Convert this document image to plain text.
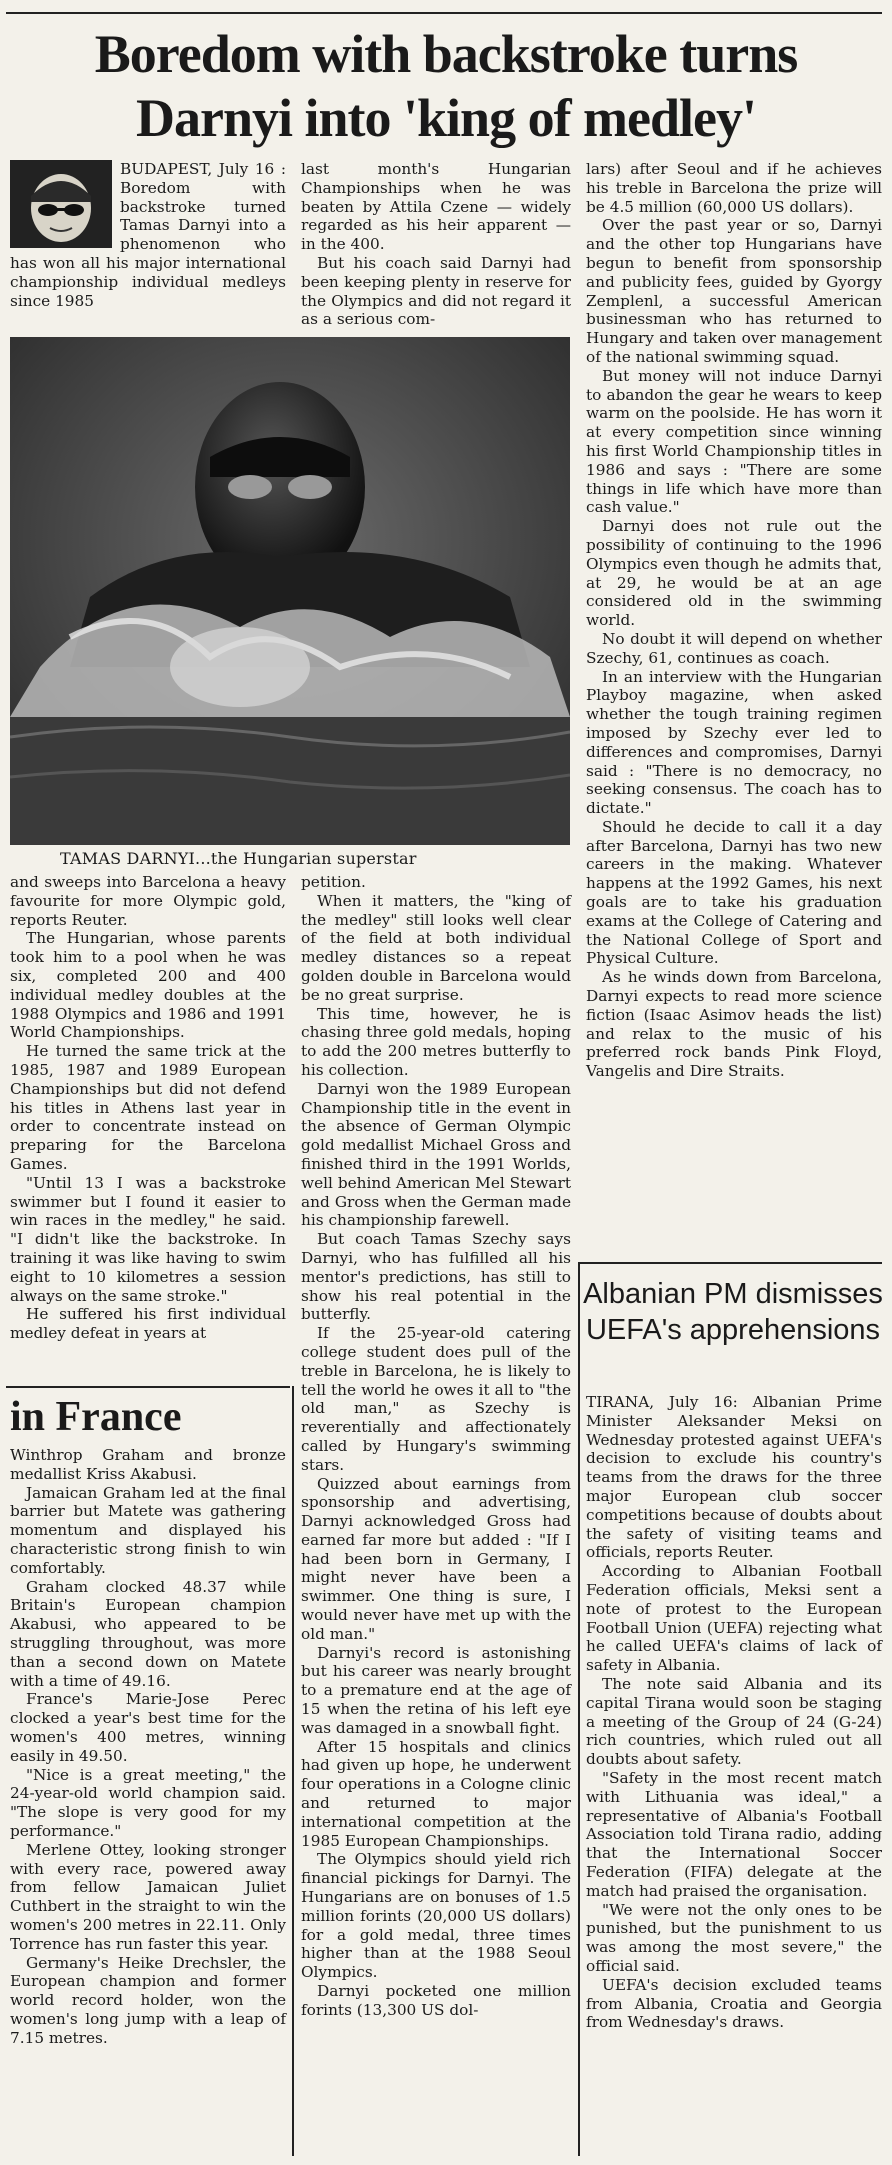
Boredom with backstroke turns
Darnyi into 'king of medley'

BUDAPEST, July 16 : Boredom with backstroke turned Tamas Darnyi into a phenomenon who has won all his major international championship individual medleys since 1985

last month's Hungarian Championships when he was beaten by Attila Czene — widely regarded as his heir apparent — in the 400.

But his coach said Darnyi had been keeping plenty in reserve for the Olympics and did not regard it as a serious com-

TAMAS DARNYI...the Hungarian superstar

and sweeps into Barcelona a heavy favourite for more Olympic gold, reports Reuter.

The Hungarian, whose parents took him to a pool when he was six, completed 200 and 400 individual medley doubles at the 1988 Olympics and 1986 and 1991 World Championships.

He turned the same trick at the 1985, 1987 and 1989 European Championships but did not defend his titles in Athens last year in order to concentrate instead on preparing for the Barcelona Games.

"Until 13 I was a backstroke swimmer but I found it easier to win races in the medley," he said. "I didn't like the backstroke. In training it was like having to swim eight to 10 kilometres a session always on the same stroke."

He suffered his first individual medley defeat in years at

petition.

When it matters, the "king of the medley" still looks well clear of the field at both individual medley distances so a repeat golden double in Barcelona would be no great surprise.

This time, however, he is chasing three gold medals, hoping to add the 200 metres butterfly to his collection.

Darnyi won the 1989 European Championship title in the event in the absence of German Olympic gold medallist Michael Gross and finished third in the 1991 Worlds, well behind American Mel Stewart and Gross when the German made his championship farewell.

But coach Tamas Szechy says Darnyi, who has fulfilled all his mentor's predictions, has still to show his real potential in the butterfly.

If the 25-year-old catering college student does pull of the treble in Barcelona, he is likely to tell the world he owes it all to "the old man," as Szechy is reverentially and affectionately called by Hungary's swimming stars.

Quizzed about earnings from sponsorship and advertising, Darnyi acknowledged Gross had earned far more but added : "If I had been born in Germany, I might never have been a swimmer. One thing is sure, I would never have met up with the old man."

Darnyi's record is astonishing but his career was nearly brought to a premature end at the age of 15 when the retina of his left eye was damaged in a snowball fight.

After 15 hospitals and clinics had given up hope, he underwent four operations in a Cologne clinic and returned to major international competition at the 1985 European Championships.

The Olympics should yield rich financial pickings for Darnyi. The Hungarians are on bonuses of 1.5 million forints (20,000 US dollars) for a gold medal, three times higher than at the 1988 Seoul Olympics.

Darnyi pocketed one million forints (13,300 US dol-

lars) after Seoul and if he achieves his treble in Barcelona the prize will be 4.5 million (60,000 US dollars).

Over the past year or so, Darnyi and the other top Hungarians have begun to benefit from sponsorship and publicity fees, guided by Gyorgy Zemplenl, a successful American businessman who has returned to Hungary and taken over management of the national swimming squad.

But money will not induce Darnyi to abandon the gear he wears to keep warm on the poolside. He has worn it at every competition since winning his first World Championship titles in 1986 and says : "There are some things in life which have more than cash value."

Darnyi does not rule out the possibility of continuing to the 1996 Olympics even though he admits that, at 29, he would be at an age considered old in the swimming world.

No doubt it will depend on whether Szechy, 61, continues as coach.

In an interview with the Hungarian Playboy magazine, when asked whether the tough training regimen imposed by Szechy ever led to differences and compromises, Darnyi said : "There is no democracy, no seeking consensus. The coach has to dictate."

Should he decide to call it a day after Barcelona, Darnyi has two new careers in the making. Whatever happens at the 1992 Games, his next goals are to take his graduation exams at the College of Catering and the National College of Sport and Physical Culture.

As he winds down from Barcelona, Darnyi expects to read more science fiction (Isaac Asimov heads the list) and relax to the music of his preferred rock bands Pink Floyd, Vangelis and Dire Straits.

in France

Winthrop Graham and bronze medallist Kriss Akabusi.

Jamaican Graham led at the final barrier but Matete was gathering momentum and displayed his characteristic strong finish to win comfortably.

Graham clocked 48.37 while Britain's European champion Akabusi, who appeared to be struggling throughout, was more than a second down on Matete with a time of 49.16.

France's Marie-Jose Perec clocked a year's best time for the women's 400 metres, winning easily in 49.50.

"Nice is a great meeting," the 24-year-old world champion said. "The slope is very good for my performance."

Merlene Ottey, looking stronger with every race, powered away from fellow Jamaican Juliet Cuthbert in the straight to win the women's 200 metres in 22.11. Only Torrence has run faster this year.

Germany's Heike Drechsler, the European champion and former world record holder, won the women's long jump with a leap of 7.15 metres.

Albanian PM dismisses UEFA's apprehensions

TIRANA, July 16: Albanian Prime Minister Aleksander Meksi on Wednesday protested against UEFA's decision to exclude his country's teams from the draws for the three major European club soccer competitions because of doubts about the safety of visiting teams and officials, reports Reuter.

According to Albanian Football Federation officials, Meksi sent a note of protest to the European Football Union (UEFA) rejecting what he called UEFA's claims of lack of safety in Albania.

The note said Albania and its capital Tirana would soon be staging a meeting of the Group of 24 (G-24) rich countries, which ruled out all doubts about safety.

"Safety in the most recent match with Lithuania was ideal," a representative of Albania's Football Association told Tirana radio, adding that the International Soccer Federation (FIFA) delegate at the match had praised the organisation.

"We were not the only ones to be punished, but the punishment to us was among the most severe," the official said.

UEFA's decision excluded teams from Albania, Croatia and Georgia from Wednesday's draws.
